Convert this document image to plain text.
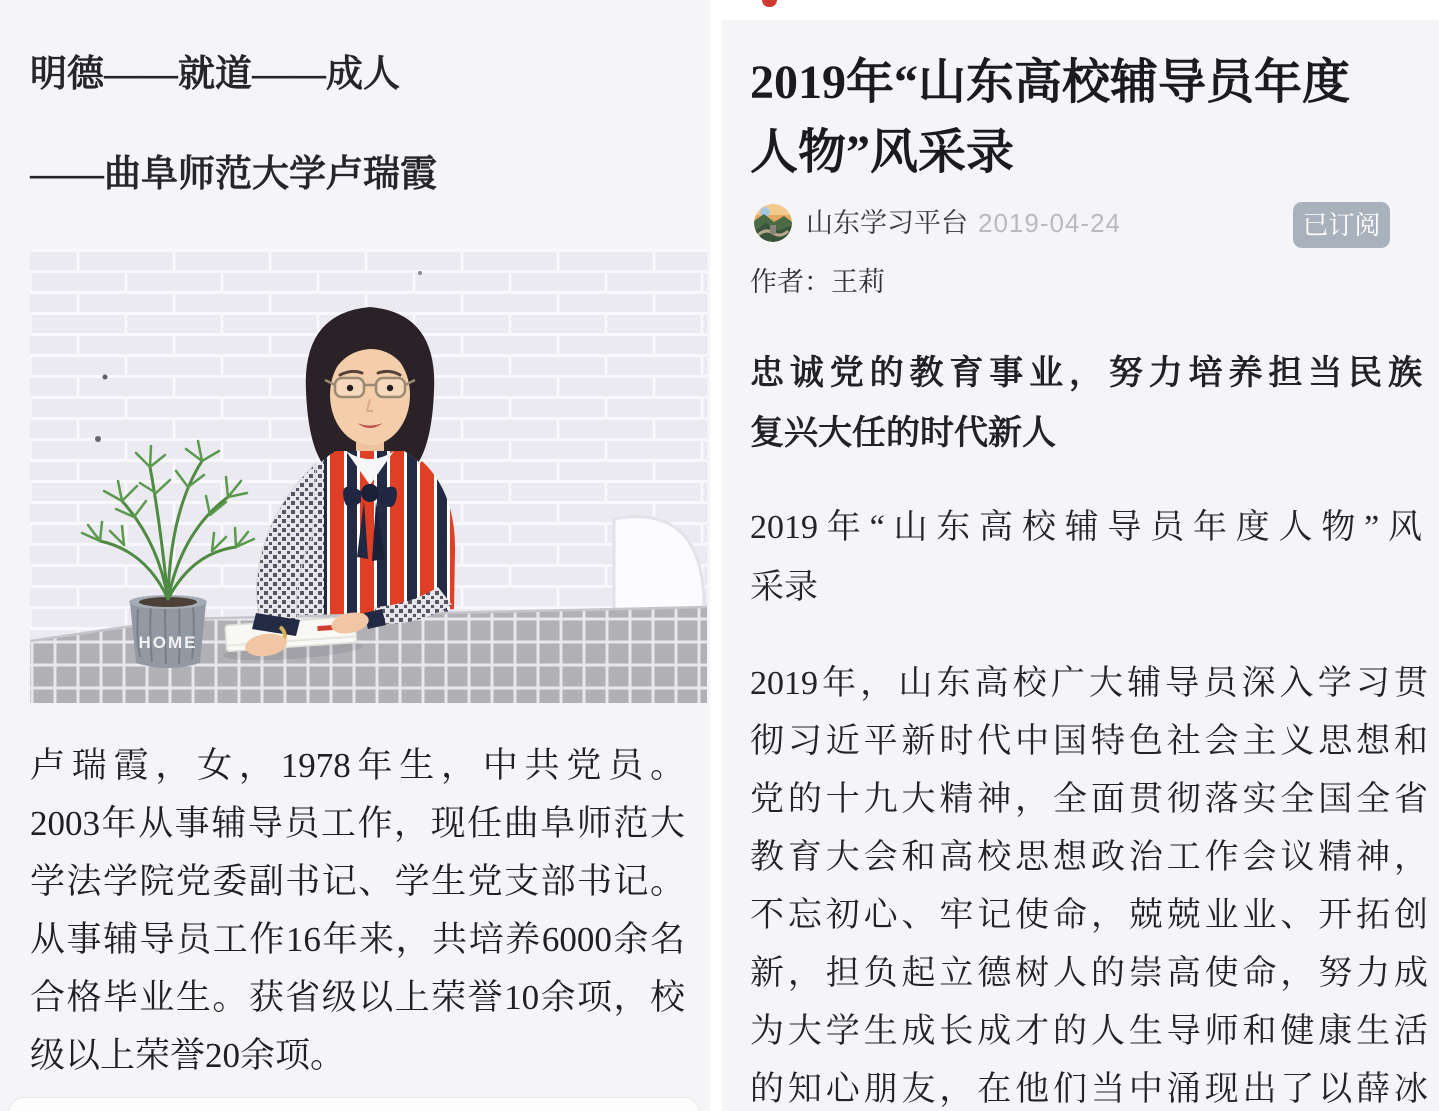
明德——就道——成人
——曲阜师范大学卢瑞霞
HOME
卢瑞霞，女，1978年生，中共党员。
2003年从事辅导员工作，现任曲阜师范大
学法学院党委副书记、学生党支部书记。
从事辅导员工作16年来，共培养6000余名
合格毕业生。获省级以上荣誉10余项，校
级以上荣誉20余项。
2019年“山东高校辅导员年度
人物”风采录
山东学习平台 2019-04-24	已订阅
作者：王莉
忠诚党的教育事业，努力培养担当民族
复兴大任的时代新人
2019年“山东高校辅导员年度人物”风
采录
2019年，山东高校广大辅导员深入学习贯
彻习近平新时代中国特色社会主义思想和
党的十九大精神，全面贯彻落实全国全省
教育大会和高校思想政治工作会议精神，
不忘初心、牢记使命，兢兢业业、开拓创
新，担负起立德树人的崇高使命，努力成
为大学生成长成才的人生导师和健康生活
的知心朋友，在他们当中涌现出了以薛冰
